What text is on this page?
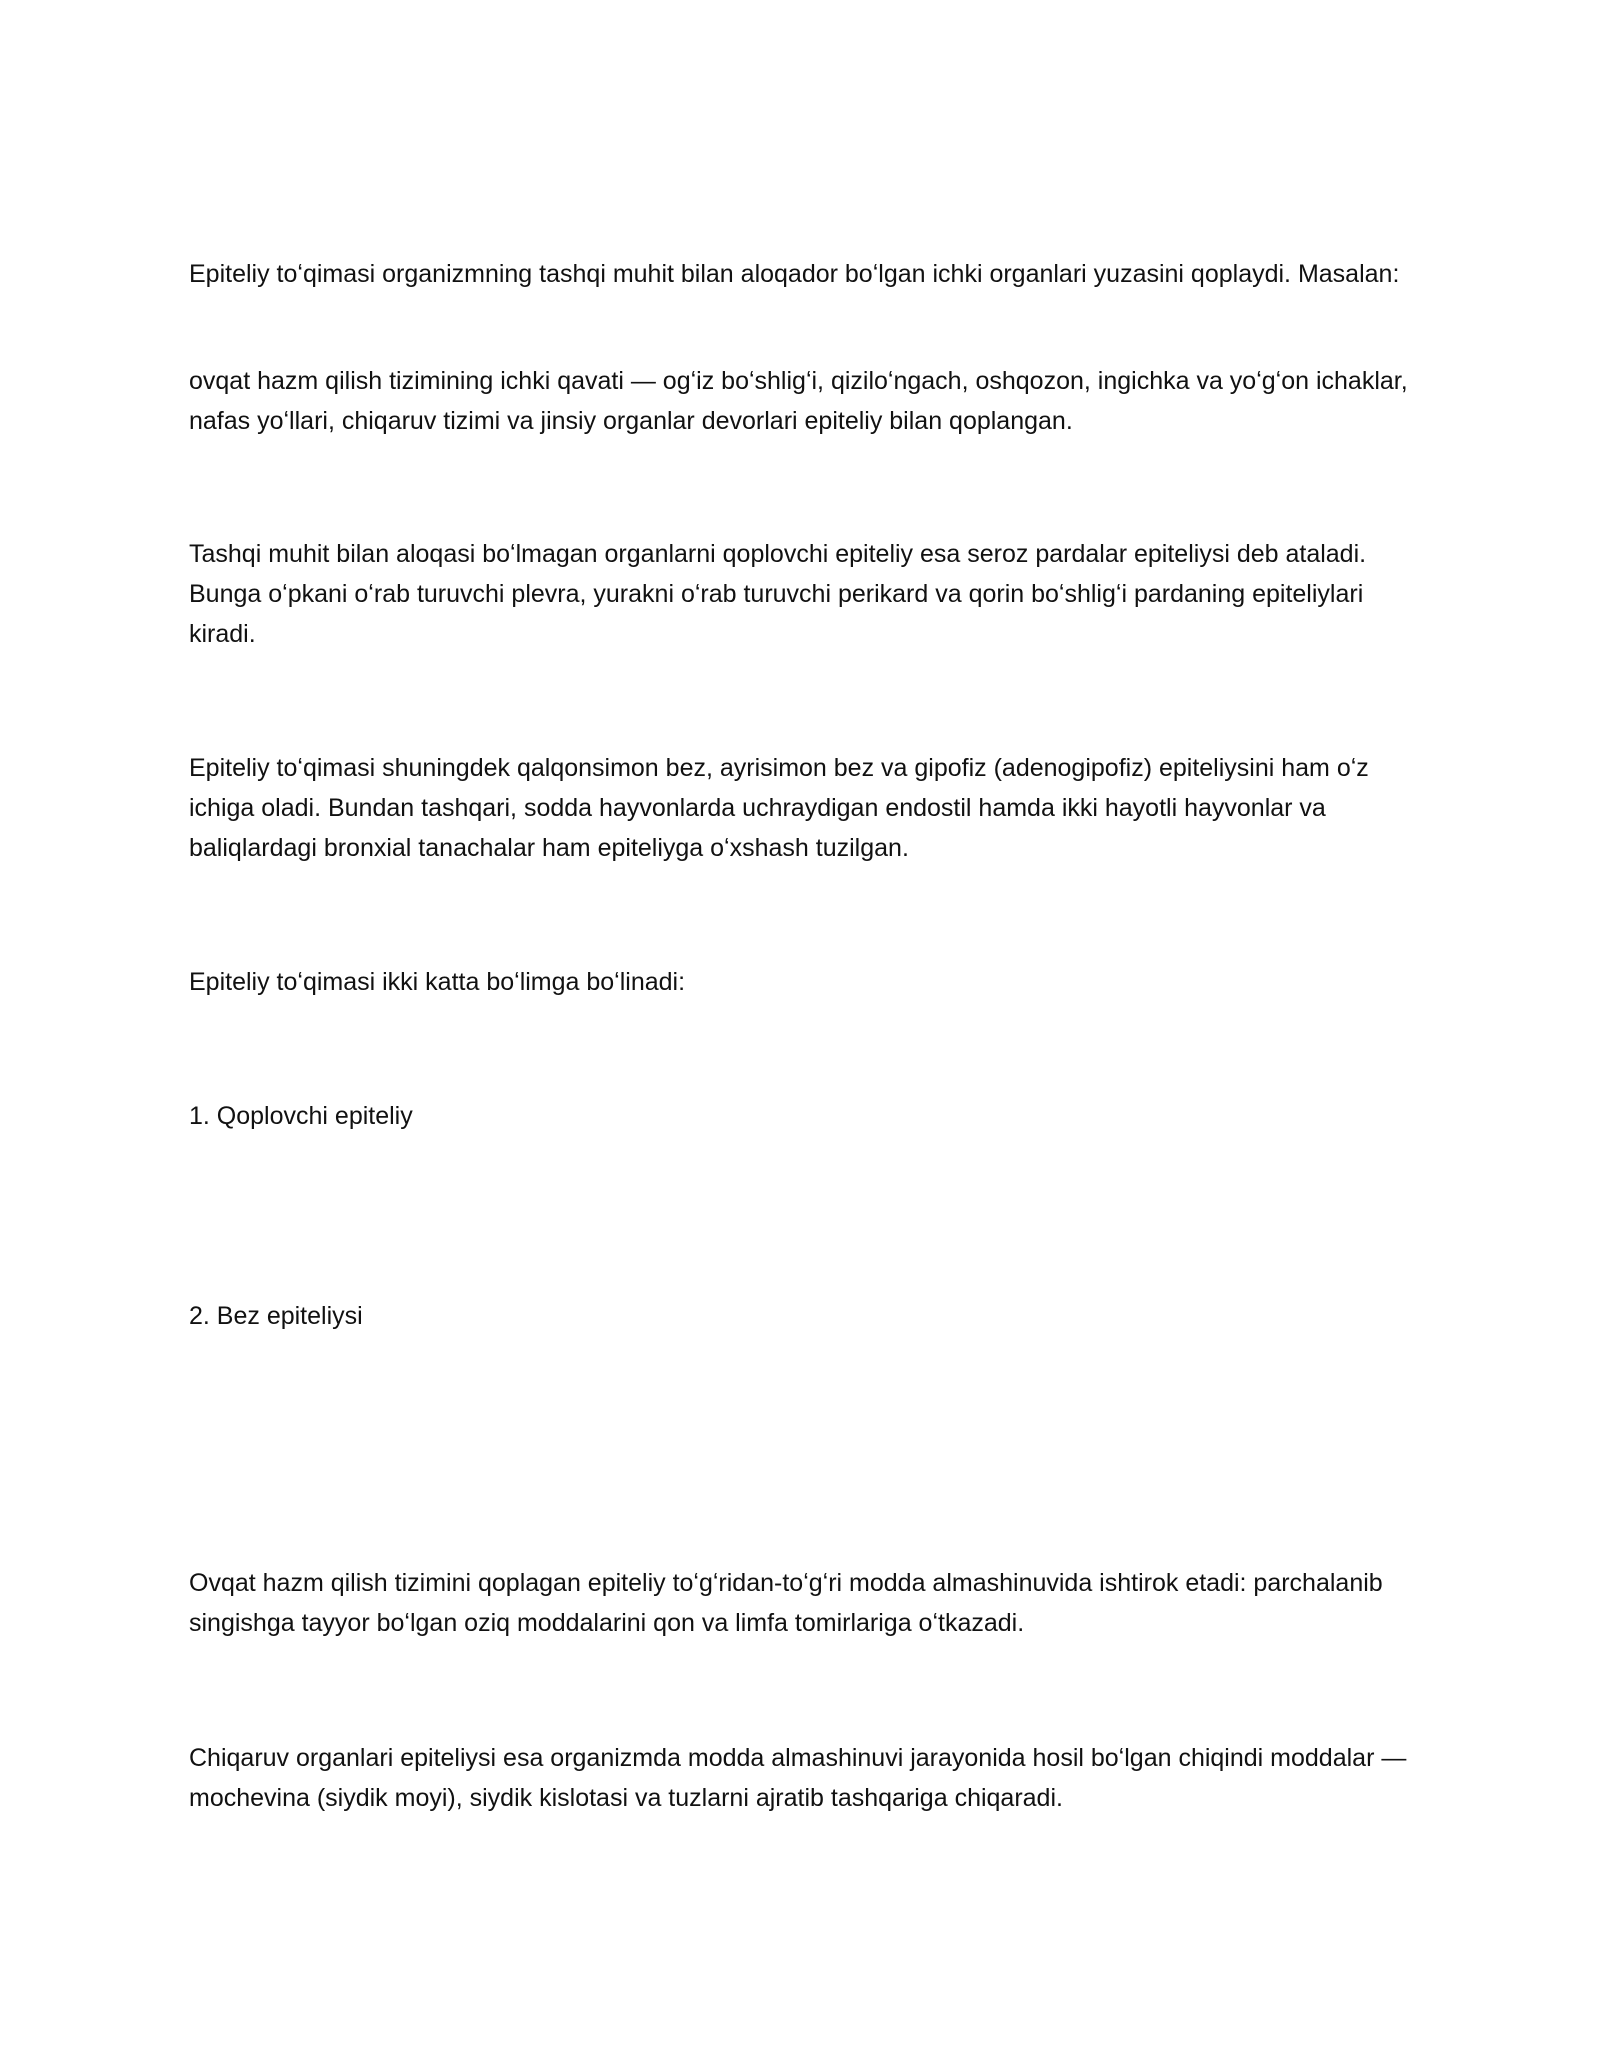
Epiteliy toʻqimasi organizmning tashqi muhit bilan aloqador boʻlgan ichki organlari yuzasini qoplaydi. Masalan:

ovqat hazm qilish tizimining ichki qavati — ogʻiz boʻshligʻi, qiziloʻngach, oshqozon, ingichka va yoʻgʻon ichaklar, nafas yoʻllari, chiqaruv tizimi va jinsiy organlar devorlari epiteliy bilan qoplangan.

Tashqi muhit bilan aloqasi boʻlmagan organlarni qoplovchi epiteliy esa seroz pardalar epiteliysi deb ataladi. Bunga oʻpkani oʻrab turuvchi plevra, yurakni oʻrab turuvchi perikard va qorin boʻshligʻi pardaning epiteliylari kiradi.

Epiteliy toʻqimasi shuningdek qalqonsimon bez, ayrisimon bez va gipofiz (adenogipofiz) epiteliysini ham oʻz ichiga oladi. Bundan tashqari, sodda hayvonlarda uchraydigan endostil hamda ikki hayotli hayvonlar va baliqlardagi bronxial tanachalar ham epiteliyga oʻxshash tuzilgan.

Epiteliy toʻqimasi ikki katta boʻlimga boʻlinadi:

1. Qoplovchi epiteliy

2. Bez epiteliysi

Ovqat hazm qilish tizimini qoplagan epiteliy toʻgʻridan-toʻgʻri modda almashinuvida ishtirok etadi: parchalanib singishga tayyor boʻlgan oziq moddalarini qon va limfa tomirlariga oʻtkazadi.

Chiqaruv organlari epiteliysi esa organizmda modda almashinuvi jarayonida hosil boʻlgan chiqindi moddalar — mochevina (siydik moyi), siydik kislotasi va tuzlarni ajratib tashqariga chiqaradi.
